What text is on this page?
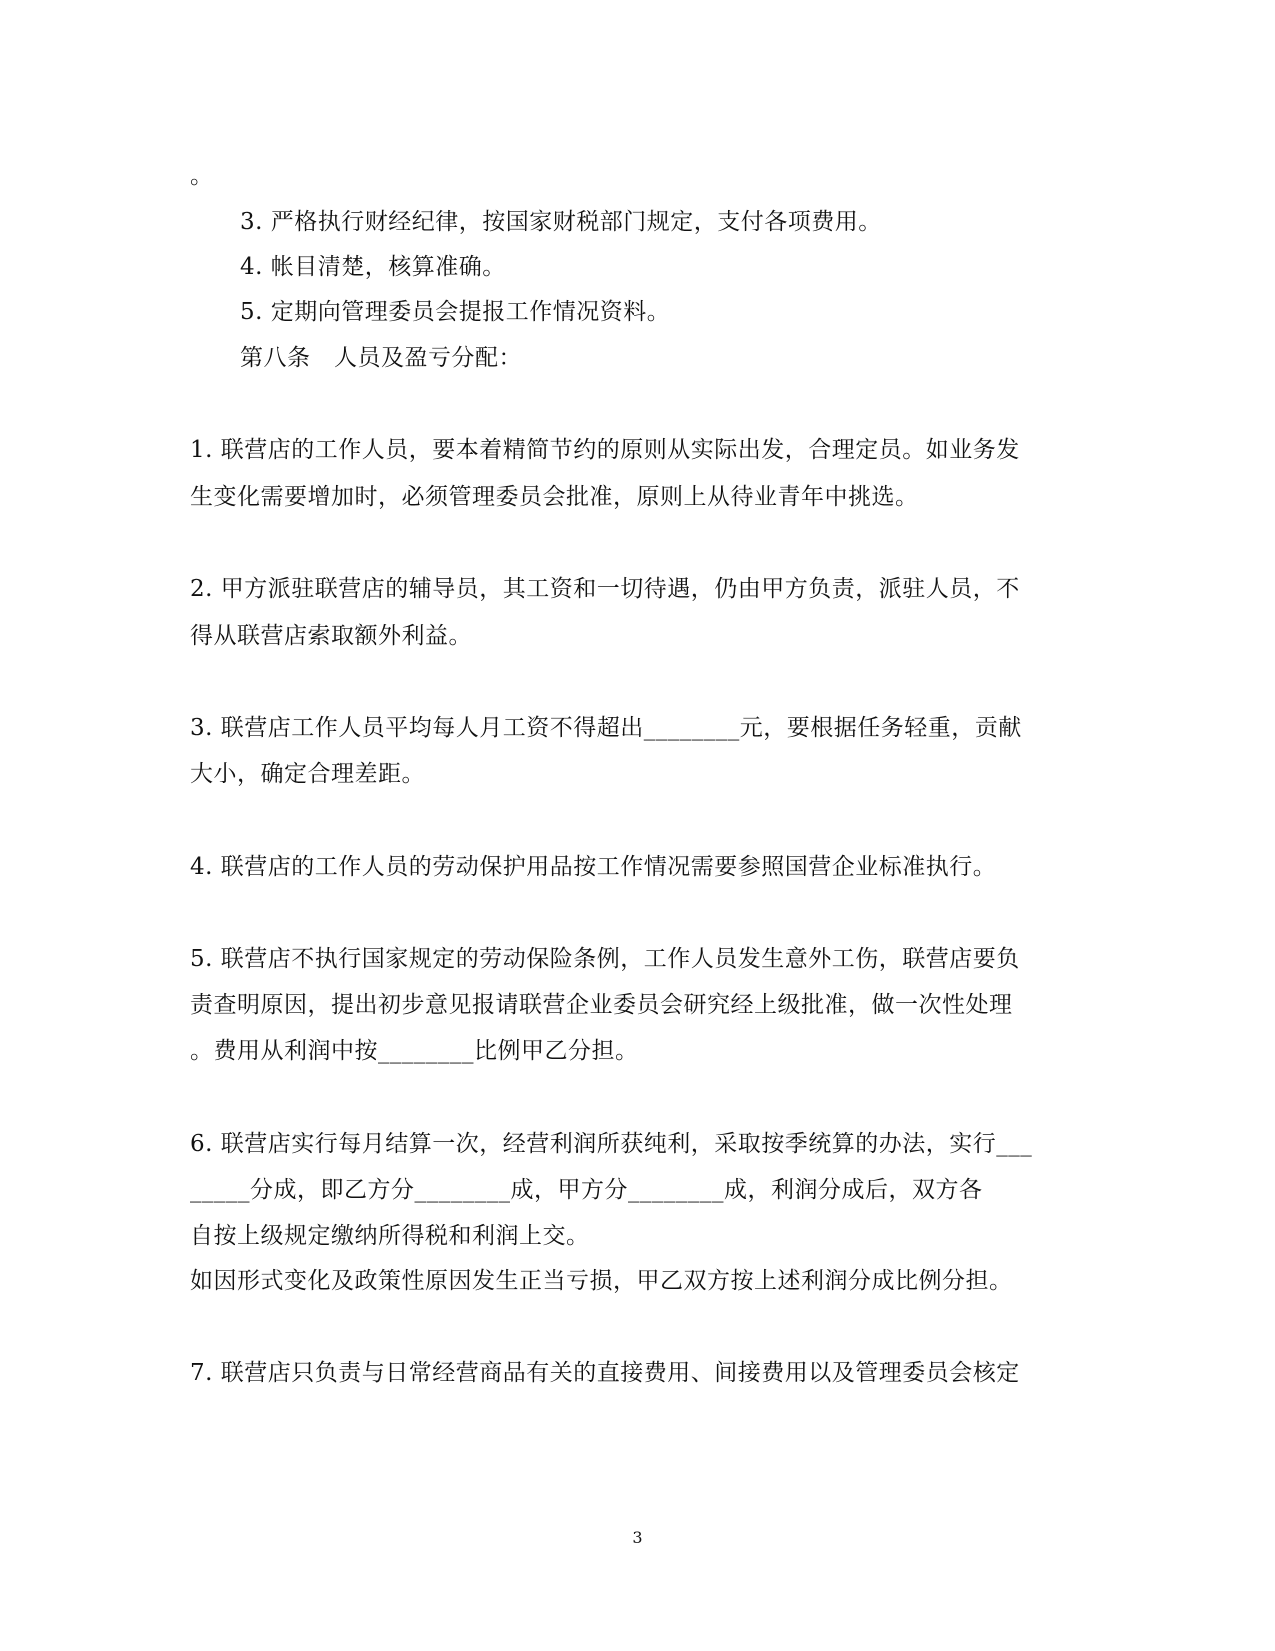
。
3. 严格执行财经纪律，按国家财税部门规定，支付各项费用。
4. 帐目清楚，核算准确。
5. 定期向管理委员会提报工作情况资料。
第八条　人员及盈亏分配：
1. 联营店的工作人员，要本着精简节约的原则从实际出发，合理定员。如业务发
生变化需要增加时，必须管理委员会批准，原则上从待业青年中挑选。
2. 甲方派驻联营店的辅导员，其工资和一切待遇，仍由甲方负责，派驻人员，不
得从联营店索取额外利益。
3. 联营店工作人员平均每人月工资不得超出________元，要根据任务轻重，贡献
大小，确定合理差距。
4. 联营店的工作人员的劳动保护用品按工作情况需要参照国营企业标准执行。
5. 联营店不执行国家规定的劳动保险条例，工作人员发生意外工伤，联营店要负
责查明原因，提出初步意见报请联营企业委员会研究经上级批准，做一次性处理
。费用从利润中按________比例甲乙分担。
6. 联营店实行每月结算一次，经营利润所获纯利，采取按季统算的办法，实行___
_____分成，即乙方分________成，甲方分________成，利润分成后，双方各
自按上级规定缴纳所得税和利润上交。
如因形式变化及政策性原因发生正当亏损，甲乙双方按上述利润分成比例分担。
7. 联营店只负责与日常经营商品有关的直接费用、间接费用以及管理委员会核定
3
